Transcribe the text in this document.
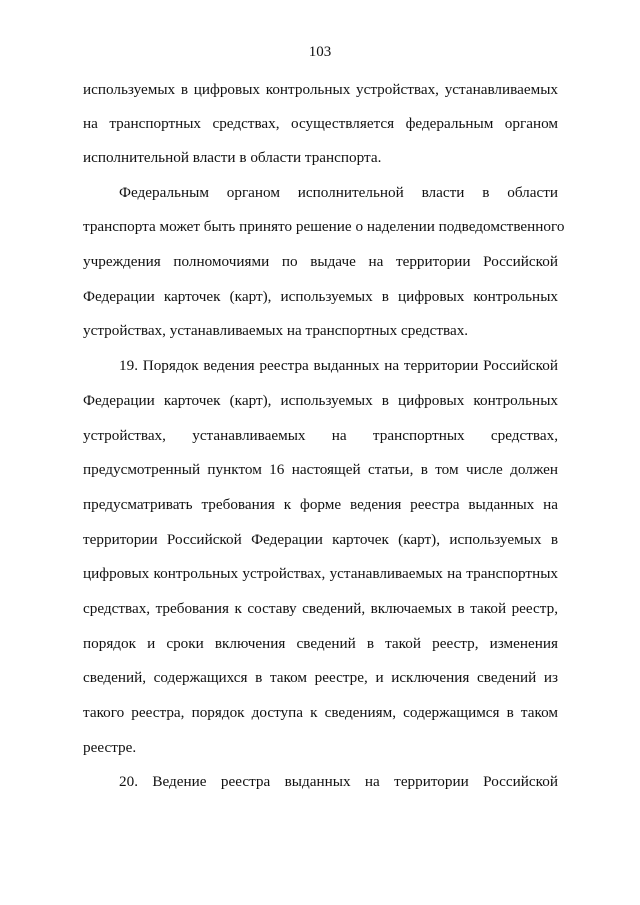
103
используемых в цифровых контрольных устройствах, устанавливаемых
на транспортных средствах, осуществляется федеральным органом
исполнительной власти в области транспорта.
Федеральным органом исполнительной власти в области
транспорта может быть принято решение о наделении подведомственного
учреждения полномочиями по выдаче на территории Российской
Федерации карточек (карт), используемых в цифровых контрольных
устройствах, устанавливаемых на транспортных средствах.
19. Порядок ведения реестра выданных на территории Российской
Федерации карточек (карт), используемых в цифровых контрольных
устройствах, устанавливаемых на транспортных средствах,
предусмотренный пунктом 16 настоящей статьи, в том числе должен
предусматривать требования к форме ведения реестра выданных на
территории Российской Федерации карточек (карт), используемых в
цифровых контрольных устройствах, устанавливаемых на транспортных
средствах, требования к составу сведений, включаемых в такой реестр,
порядок и сроки включения сведений в такой реестр, изменения
сведений, содержащихся в таком реестре, и исключения сведений из
такого реестра, порядок доступа к сведениям, содержащимся в таком
реестре.
20. Ведение реестра выданных на территории Российской
